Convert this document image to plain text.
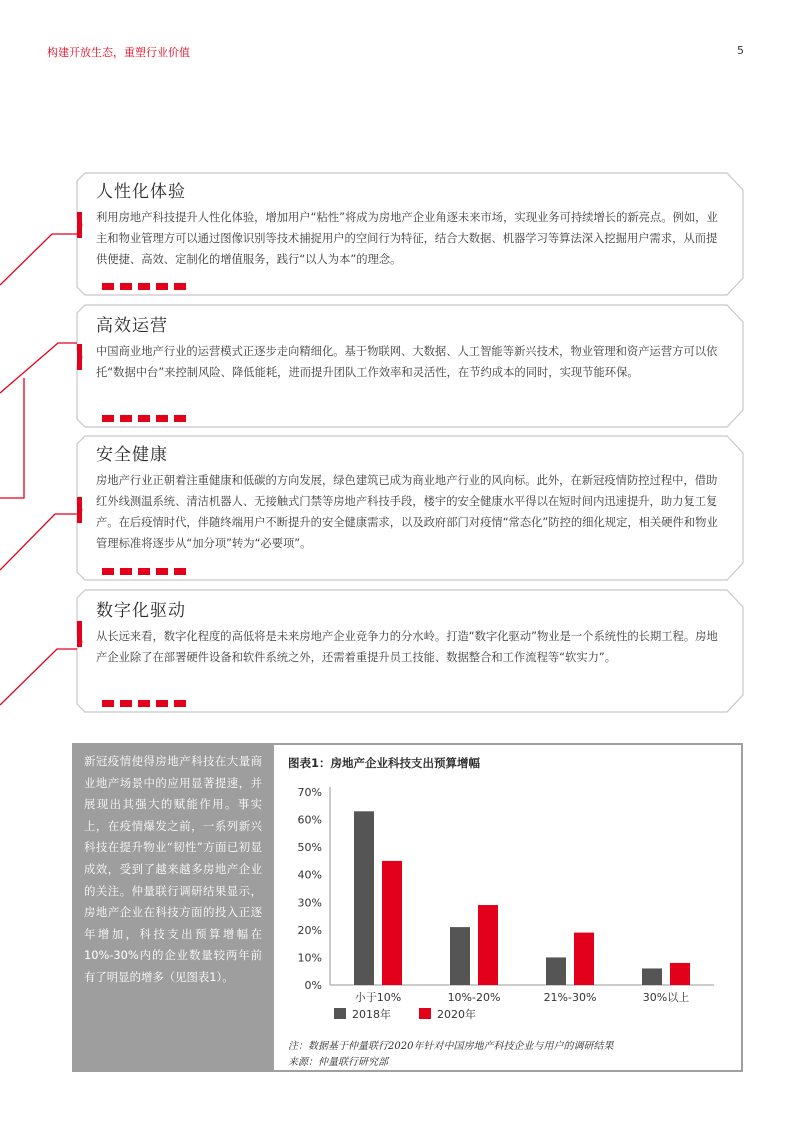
构建开放生态，重塑行业价值	5
人性化体验

利用房地产科技提升人性化体验，增加用户“粘性”将成为房地产企业角逐未来市场，实现业务可持续增长的新亮点。例如，业主和物业管理方可以通过图像识别等技术捕捉用户的空间行为特征，结合大数据、机器学习等算法深入挖掘用户需求，从而提供便捷、高效、定制化的增值服务，践行“以人为本”的理念。

高效运营

中国商业地产行业的运营模式正逐步走向精细化。基于物联网、大数据、人工智能等新兴技术，物业管理和资产运营方可以依托“数据中台”来控制风险、降低能耗，进而提升团队工作效率和灵活性，在节约成本的同时，实现节能环保。

安全健康

房地产行业正朝着注重健康和低碳的方向发展，绿色建筑已成为商业地产行业的风向标。此外，在新冠疫情防控过程中，借助红外线测温系统、清洁机器人、无接触式门禁等房地产科技手段，楼宇的安全健康水平得以在短时间内迅速提升，助力复工复产。在后疫情时代，伴随终端用户不断提升的安全健康需求，以及政府部门对疫情“常态化”防控的细化规定，相关硬件和物业管理标准将逐步从“加分项”转为“必要项”。

数字化驱动

从长远来看，数字化程度的高低将是未来房地产企业竞争力的分水岭。打造“数字化驱动”物业是一个系统性的长期工程。房地产企业除了在部署硬件设备和软件系统之外，还需着重提升员工技能、数据整合和工作流程等“软实力”。

新冠疫情使得房地产科技在大量商业地产场景中的应用显著提速，并展现出其强大的赋能作用。事实上，在疫情爆发之前，一系列新兴科技在提升物业“韧性”方面已初显成效，受到了越来越多房地产企业的关注。仲量联行调研结果显示，房地产企业在科技方面的投入正逐年增加，科技支出预算增幅在10%-30%内的企业数量较两年前有了明显的增多（见图表1）。
图表1：房地产企业科技支出预算增幅
0%
10%
20%
30%
40%
50%
60%
70%
小于10%	10%-20%	21%-30%	30%以上
2018年	2020年
注：数据基于仲量联行2020年针对中国房地产科技企业与用户的调研结果
来源：仲量联行研究部
